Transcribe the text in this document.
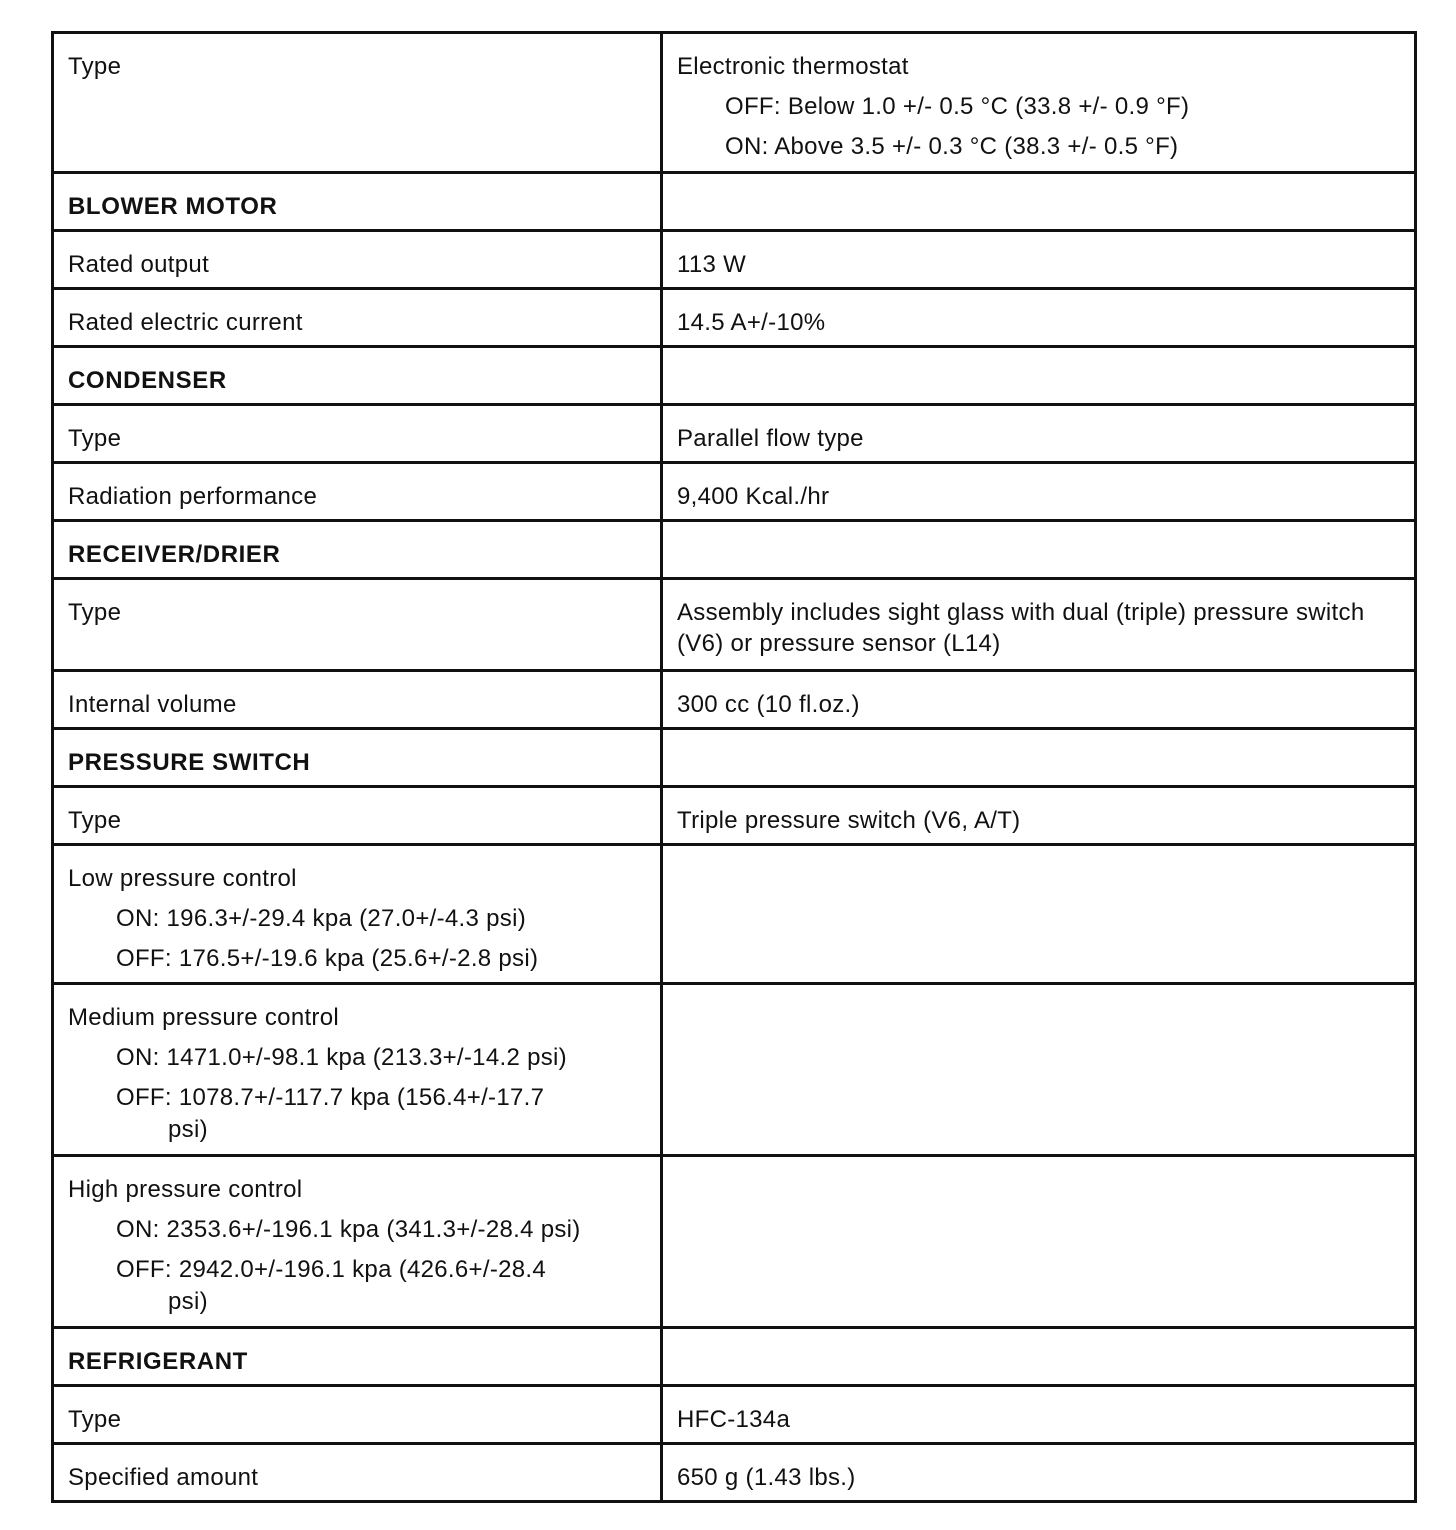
Type	Electronic thermostat
OFF: Below 1.0 +/- 0.5 °C (33.8 +/- 0.9 °F)
ON: Above 3.5 +/- 0.3 °C (38.3 +/- 0.5 °F)

BLOWER MOTOR	

Rated output	113 W

Rated electric current	14.5 A+/-10%

CONDENSER	

Type	Parallel flow type

Radiation performance	9,400 Kcal./hr

RECEIVER/DRIER	

Type	Assembly includes sight glass with dual (triple) pressure switch (V6) or pressure sensor (L14)

Internal volume	300 cc (10 fl.oz.)

PRESSURE SWITCH	

Type	Triple pressure switch (V6, A/T)

Low pressure control
ON: 196.3+/-29.4 kpa (27.0+/-4.3 psi)
OFF: 176.5+/-19.6 kpa (25.6+/-2.8 psi)	

Medium pressure control
ON: 1471.0+/-98.1 kpa (213.3+/-14.2 psi)
OFF: 1078.7+/-117.7 kpa (156.4+/-17.7
psi)	

High pressure control
ON: 2353.6+/-196.1 kpa (341.3+/-28.4 psi)
OFF: 2942.0+/-196.1 kpa (426.6+/-28.4
psi)	

REFRIGERANT	

Type	HFC-134a

Specified amount	650 g (1.43 lbs.)
